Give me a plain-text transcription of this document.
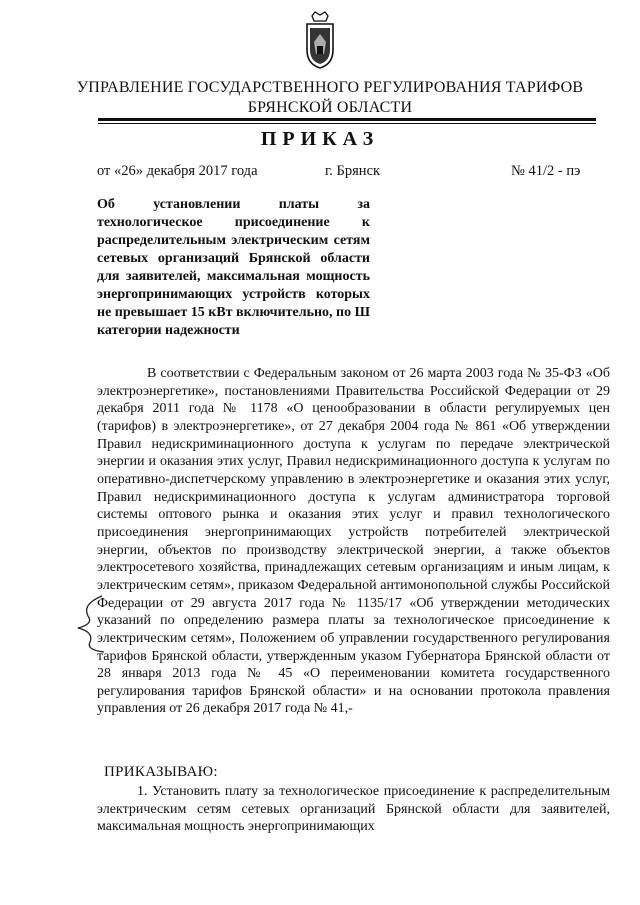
УПРАВЛЕНИЕ ГОСУДАРСТВЕННОГО РЕГУЛИРОВАНИЯ ТАРИФОВ
БРЯНСКОЙ ОБЛАСТИ
ПРИКАЗ
от «26» декабря 2017 года	г. Брянск	№ 41/2 - пэ
Об установлении платы за технологическое присоединение к распределительным электрическим сетям сетевых организаций Брянской области для заявителей, максимальная мощность энергопринимающих устройств которых не превышает 15 кВт включительно, по Ш категории надежности
В соответствии с Федеральным законом от 26 марта 2003 года № 35-ФЗ «Об электроэнергетике», постановлениями Правительства Российской Федерации от 29 декабря 2011 года № 1178 «О ценообразовании в области регулируемых цен (тарифов) в электроэнергетике», от 27 декабря 2004 года № 861 «Об утверждении Правил недискриминационного доступа к услугам по передаче электрической энергии и оказания этих услуг, Правил недискриминационного доступа к услугам по оперативно-диспетчерскому управлению в электроэнергетике и оказания этих услуг, Правил недискриминационного доступа к услугам администратора торговой системы оптового рынка и оказания этих услуг и правил технологического присоединения энергопринимающих устройств потребителей электрической энергии, объектов по производству электрической энергии, а также объектов электросетевого хозяйства, принадлежащих сетевым организациям и иным лицам, к электрическим сетям», приказом Федеральной антимонопольной службы Российской Федерации от 29 августа 2017 года № 1135/17 «Об утверждении методических указаний по определению размера платы за технологическое присоединение к электрическим сетям», Положением об управлении государственного регулирования тарифов Брянской области, утвержденным указом Губернатора Брянской области от 28 января 2013 года № 45 «О переименовании комитета государственного регулирования тарифов Брянской области» и на основании протокола правления управления от 26 декабря 2017 года № 41,-
ПРИКАЗЫВАЮ:
1. Установить плату за технологическое присоединение к распределительным электрическим сетям сетевых организаций Брянской области для заявителей, максимальная мощность энергопринимающих
